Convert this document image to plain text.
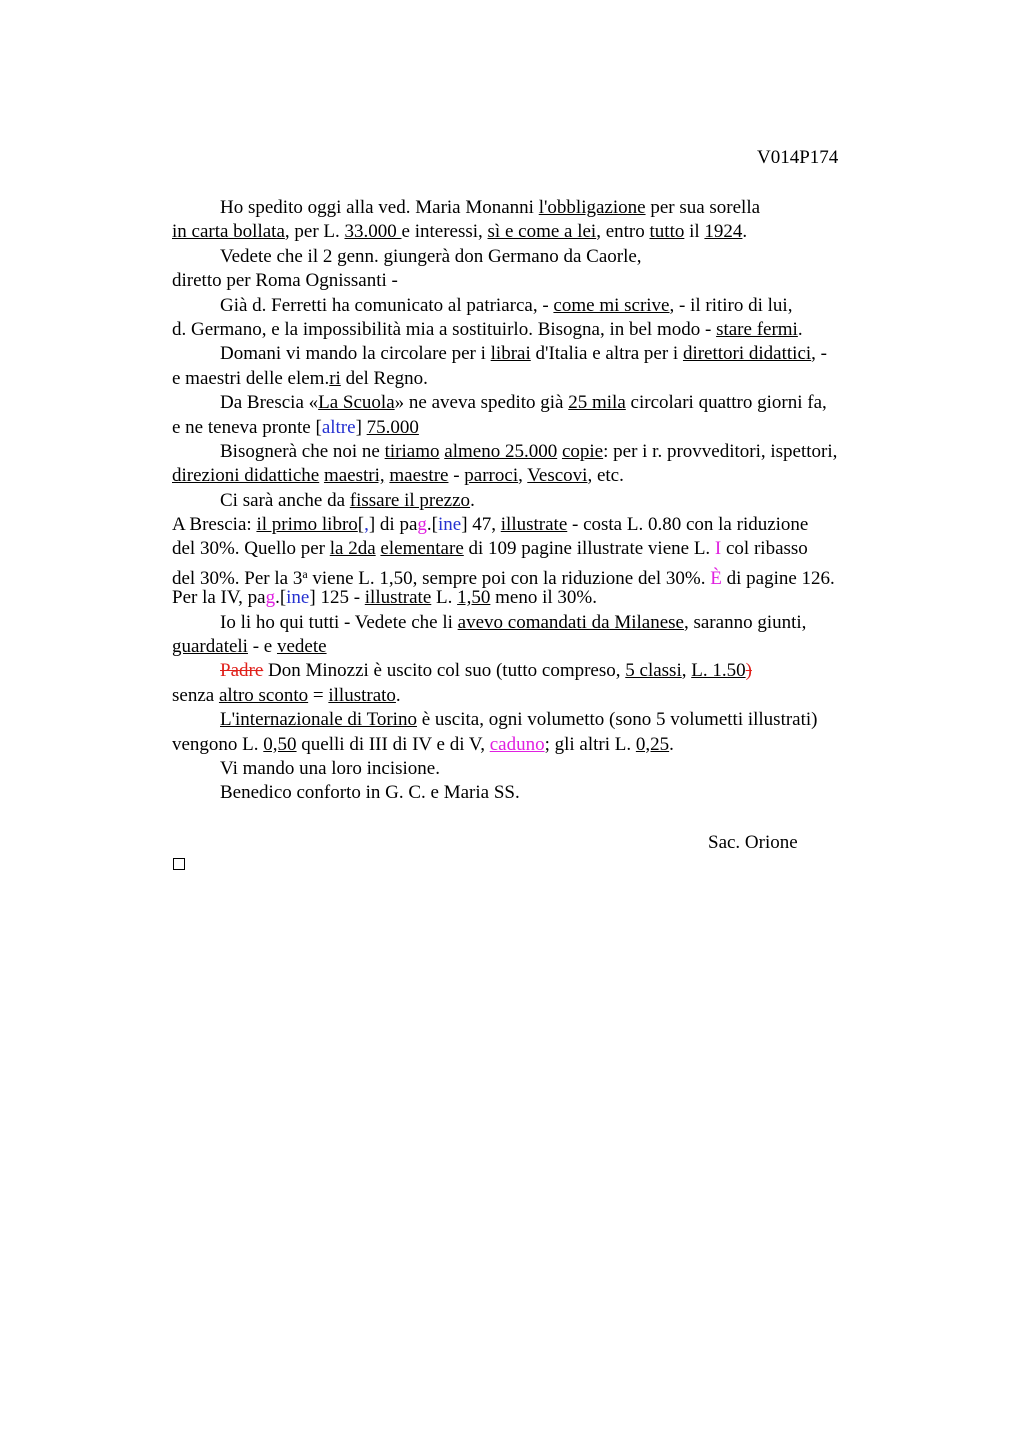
V014P174
Ho spedito oggi alla ved. Maria Monanni l'obbligazione per sua sorella
in carta bollata, per L. 33.000 e interessi, sì e come a lei, entro tutto il 1924.
Vedete che il 2 genn. giungerà don Germano da Caorle,
diretto per Roma Ognissanti -
Già d. Ferretti ha comunicato al patriarca, - come mi scrive, - il ritiro di lui,
d. Germano, e la impossibilità mia a sostituirlo. Bisogna, in bel modo - stare fermi.
Domani vi mando la circolare per i librai d'Italia e altra per i direttori didattici, -
e maestri delle elem.ri del Regno.
Da Brescia «La Scuola» ne aveva spedito già 25 mila circolari quattro giorni fa,
e ne teneva pronte [altre] 75.000
Bisognerà che noi ne tiriamo almeno 25.000 copie: per i r. provveditori, ispettori,
direzioni didattiche maestri, maestre - parroci, Vescovi, etc.
Ci sarà anche da fissare il prezzo.
A Brescia: il primo libro[,] di pag.[ine] 47, illustrate - costa L. 0.80 con la riduzione
del 30%. Quello per la 2da elementare di 109 pagine illustrate viene L. I col ribasso
del 30%. Per la 3$^a$ viene L. 1,50, sempre poi con la riduzione del 30%. È di pagine 126.
Per la IV, pag.[ine] 125 - illustrate L. 1,50 meno il 30%.
Io li ho qui tutti - Vedete che li avevo comandati da Milanese, saranno giunti,
guardateli - e vedete
Padre Don Minozzi è uscito col suo (tutto compreso, 5 classi, L. 1.50)
senza altro sconto = illustrato.
L'internazionale di Torino è uscita, ogni volumetto (sono 5 volumetti illustrati)
vengono L. 0,50 quelli di III di IV e di V, caduno; gli altri L. 0,25.
Vi mando una loro incisione.
Benedico conforto in G. C. e Maria SS.
Sac. Orione
